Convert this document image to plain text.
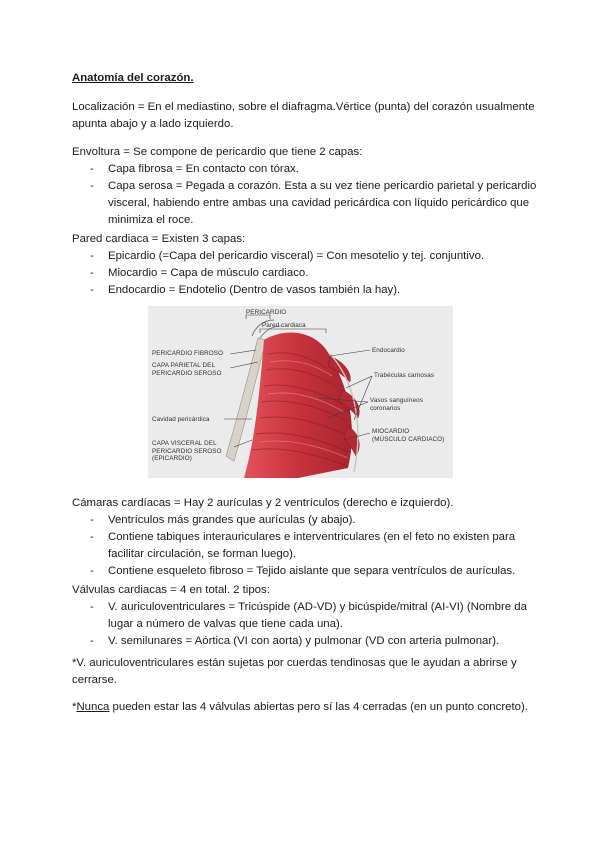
Anatomía del corazón.
Localización = En el mediastino, sobre el diafragma.Vértice (punta) del corazón usualmente
apunta abajo y a lado izquierdo.
Envoltura = Se compone de pericardio que tiene 2 capas:
- Capa fibrosa = En contacto con tórax.
- Capa serosa = Pegada a corazón. Esta a su vez tiene pericardio parietal y pericardio
visceral, habiendo entre ambas una cavidad pericárdica con líquido pericárdico que
minimiza el roce.
Pared cardiaca = Existen 3 capas:
- Epicardio (=Capa del pericardio visceral) = Con mesotelio y tej. conjuntivo.
- Miocardio = Capa de músculo cardiaco.
- Endocardio = Endotelio (Dentro de vasos también la hay).
PERICARDIO
Pared cardiaca
PERICARDIO FIBROSO
CAPA PARIETAL DEL
PERICARDIO SEROSO
Cavidad pericárdica
CAPA VISCERAL DEL
PERICARDIO SEROSO
(EPICARDIO)
Endocardio
Trabéculas carnosas
Vasos sanguíneos
coronarios
MIOCARDIO
(MÚSCULO CARDIACO)
Cámaras cardíacas = Hay 2 aurículas y 2 ventrículos (derecho e izquierdo).
- Ventrículos más grandes que aurículas (y abajo).
- Contiene tabiques interauriculares e interventriculares (en el feto no existen para
facilitar circulación, se forman luego).
- Contiene esqueleto fibroso = Tejido aislante que separa ventrículos de aurículas.
Válvulas cardiacas = 4 en total. 2 tipos:
- V. auriculoventriculares = Tricúspide (AD-VD) y bicúspide/mitral (AI-VI) (Nombre da
lugar a número de valvas que tiene cada una).
- V. semilunares = Aórtica (VI con aorta) y pulmonar (VD con arteria pulmonar).
*V. auriculoventriculares están sujetas por cuerdas tendinosas que le ayudan a abrirse y
cerrarse.
*Nunca pueden estar las 4 válvulas abiertas pero sí las 4 cerradas (en un punto concreto).
